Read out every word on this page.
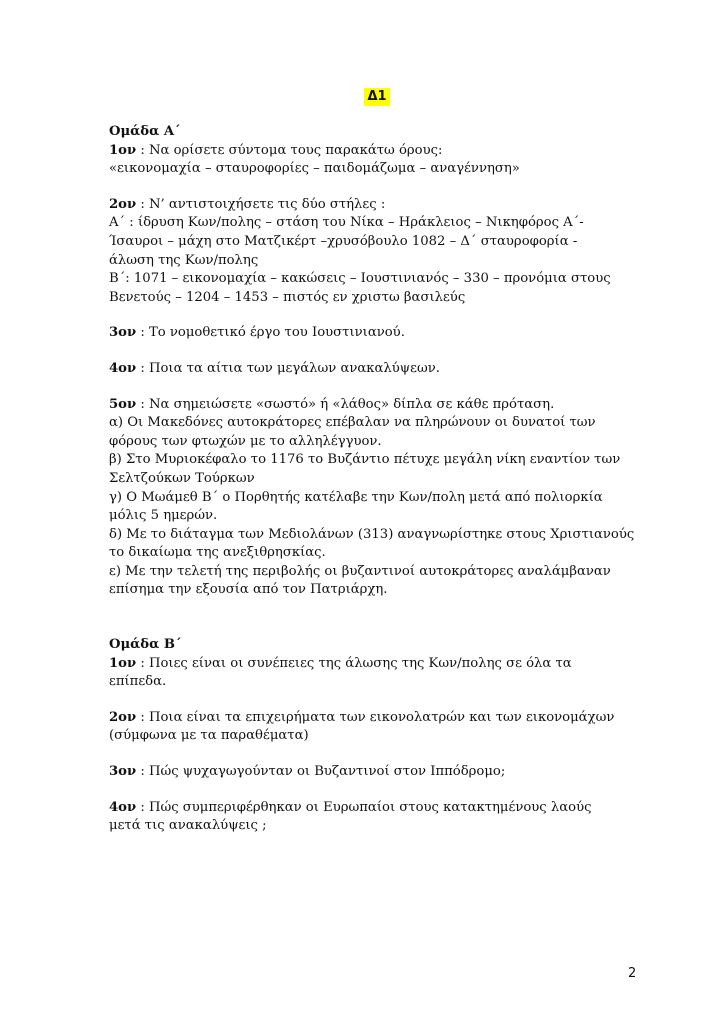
Δ1
Ομάδα Α΄
1ον : Να ορίσετε σύντομα τους παρακάτω όρους:
«εικονομαχία – σταυροφορίες – παιδομάζωμα – αναγέννηση»
2ον : Ν’ αντιστοιχήσετε τις δύο στήλες :
Α΄ : ίδρυση Κων/πολης – στάση του Νίκα – Ηράκλειος – Νικηφόρος Α΄-
Ίσαυροι – μάχη στο Ματζικέρτ –χρυσόβουλο 1082 – Δ΄ σταυροφορία -
άλωση της Κων/πολης
Β΄: 1071 – εικονομαχία – κακώσεις – Ιουστινιανός – 330 – προνόμια στους
Βενετούς – 1204 – 1453 – πιστός εν χριστω βασιλεύς
3ον : Το νομοθετικό έργο του Ιουστινιανού.
4ον : Ποια τα αίτια των μεγάλων ανακαλύψεων.
5ον : Να σημειώσετε «σωστό» ή «λάθος» δίπλα σε κάθε πρόταση.
α) Οι Μακεδόνες αυτοκράτορες επέβαλαν να πληρώνουν οι δυνατοί των
φόρους των φτωχών με το αλληλέγγυον.
β) Στο Μυριοκέφαλο το 1176 το Βυζάντιο πέτυχε μεγάλη νίκη εναντίον των
Σελτζούκων Τούρκων
γ) Ο Μωάμεθ Β΄ ο Πορθητής κατέλαβε την Κων/πολη μετά από πολιορκία
μόλις 5 ημερών.
δ) Με το διάταγμα των Μεδιολάνων (313) αναγνωρίστηκε στους Χριστιανούς
το δικαίωμα της ανεξιθρησκίας.
ε) Με την τελετή της περιβολής οι βυζαντινοί αυτοκράτορες αναλάμβαναν
επίσημα την εξουσία από τον Πατριάρχη.
Ομάδα Β΄
1ον : Ποιες είναι οι συνέπειες της άλωσης της Κων/πολης σε όλα τα
επίπεδα.
2ον : Ποια είναι τα επιχειρήματα των εικονολατρών και των εικονομάχων
(σύμφωνα με τα παραθέματα)
3ον : Πώς ψυχαγωγούνταν οι Βυζαντινοί στον Ιππόδρομο;
4ον : Πώς συμπεριφέρθηκαν οι Ευρωπαίοι στους κατακτημένους λαούς
μετά τις ανακαλύψεις ;
2
